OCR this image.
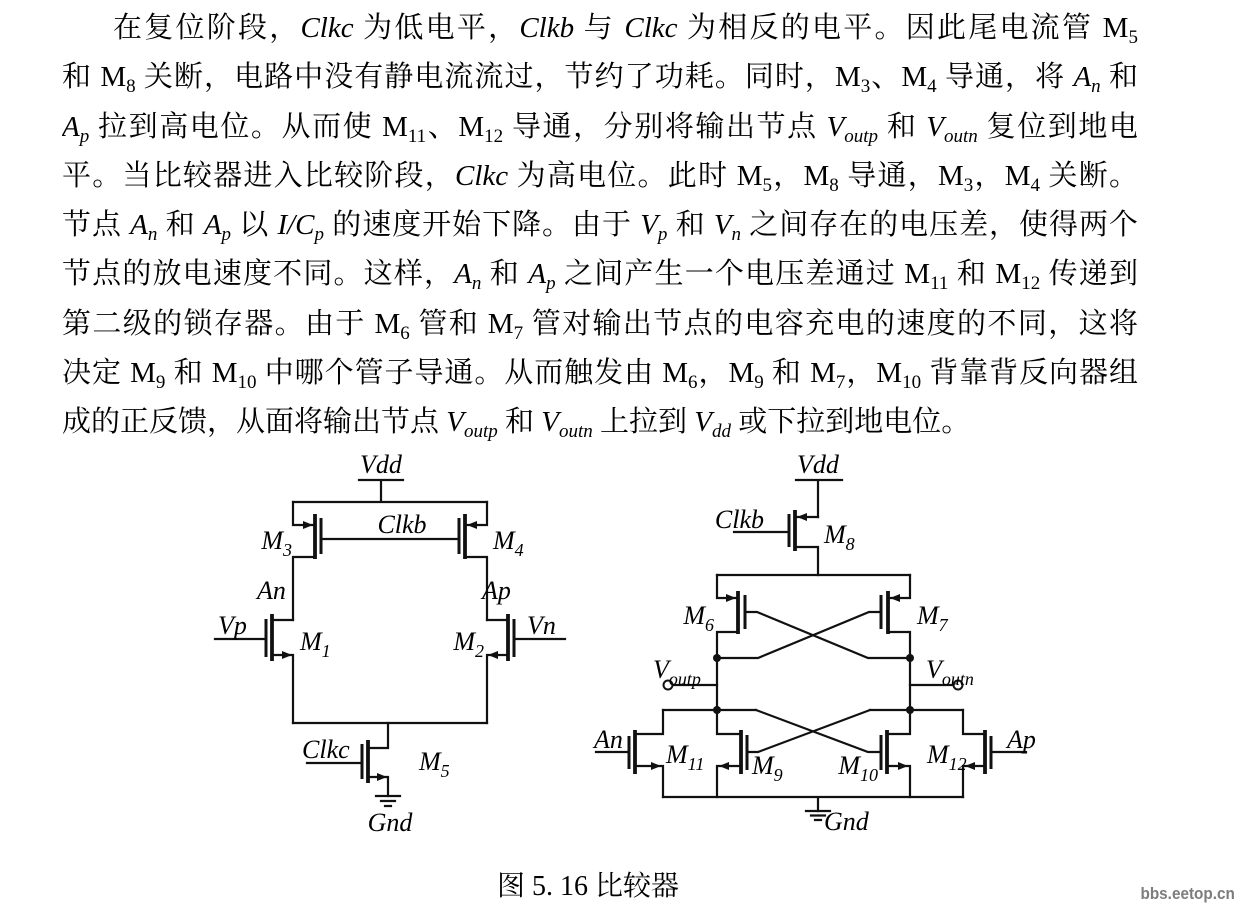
在复位阶段，Clkc 为低电平，Clkb 与 Clkc 为相反的电平。因此尾电流管 $M_5$
和 $M_8$ 关断，电路中没有静电流流过，节约了功耗。同时，$M_3$、$M_4$ 导通，将 $A_n$ 和
$A_p$ 拉到高电位。从而使 $M_{11}$、$M_{12}$ 导通，分别将输出节点 $V_{outp}$ 和 $V_{outn}$ 复位到地电
平。当比较器进入比较阶段，Clkc 为高电位。此时 $M_5$，$M_8$ 导通，$M_3$，$M_4$ 关断。
节点 $A_n$ 和 $A_p$ 以 $I/C_p$ 的速度开始下降。由于 $V_p$ 和 $V_n$ 之间存在的电压差，使得两个
节点的放电速度不同。这样，$A_n$ 和 $A_p$ 之间产生一个电压差通过 $M_{11}$ 和 $M_{12}$ 传递到
第二级的锁存器。由于 $M_6$ 管和 $M_7$ 管对输出节点的电容充电的速度的不同，这将
决定 $M_9$ 和 $M_{10}$ 中哪个管子导通。从而触发由 $M_6$，$M_9$ 和 $M_7$，$M_{10}$ 背靠背反向器组
成的正反馈，从面将输出节点 $V_{outp}$ 和 $V_{outn}$ 上拉到 $V_{dd}$ 或下拉到地电位。
Vdd
Clkb
$M_3$	$M_4$
An	Ap
Vp	Vn
$M_1$	$M_2$
Clkc	$M_5$
Gnd
Vdd
Clkb
$M_8$
$M_6$	$M_7$
$V_{outp}$	$V_{outn}$
An	Ap
$M_{11}$ $M_9$ $M_{10}$
$M_{12}$
Gnd
图 5. 16 比较器	bbs.eetop.cn
